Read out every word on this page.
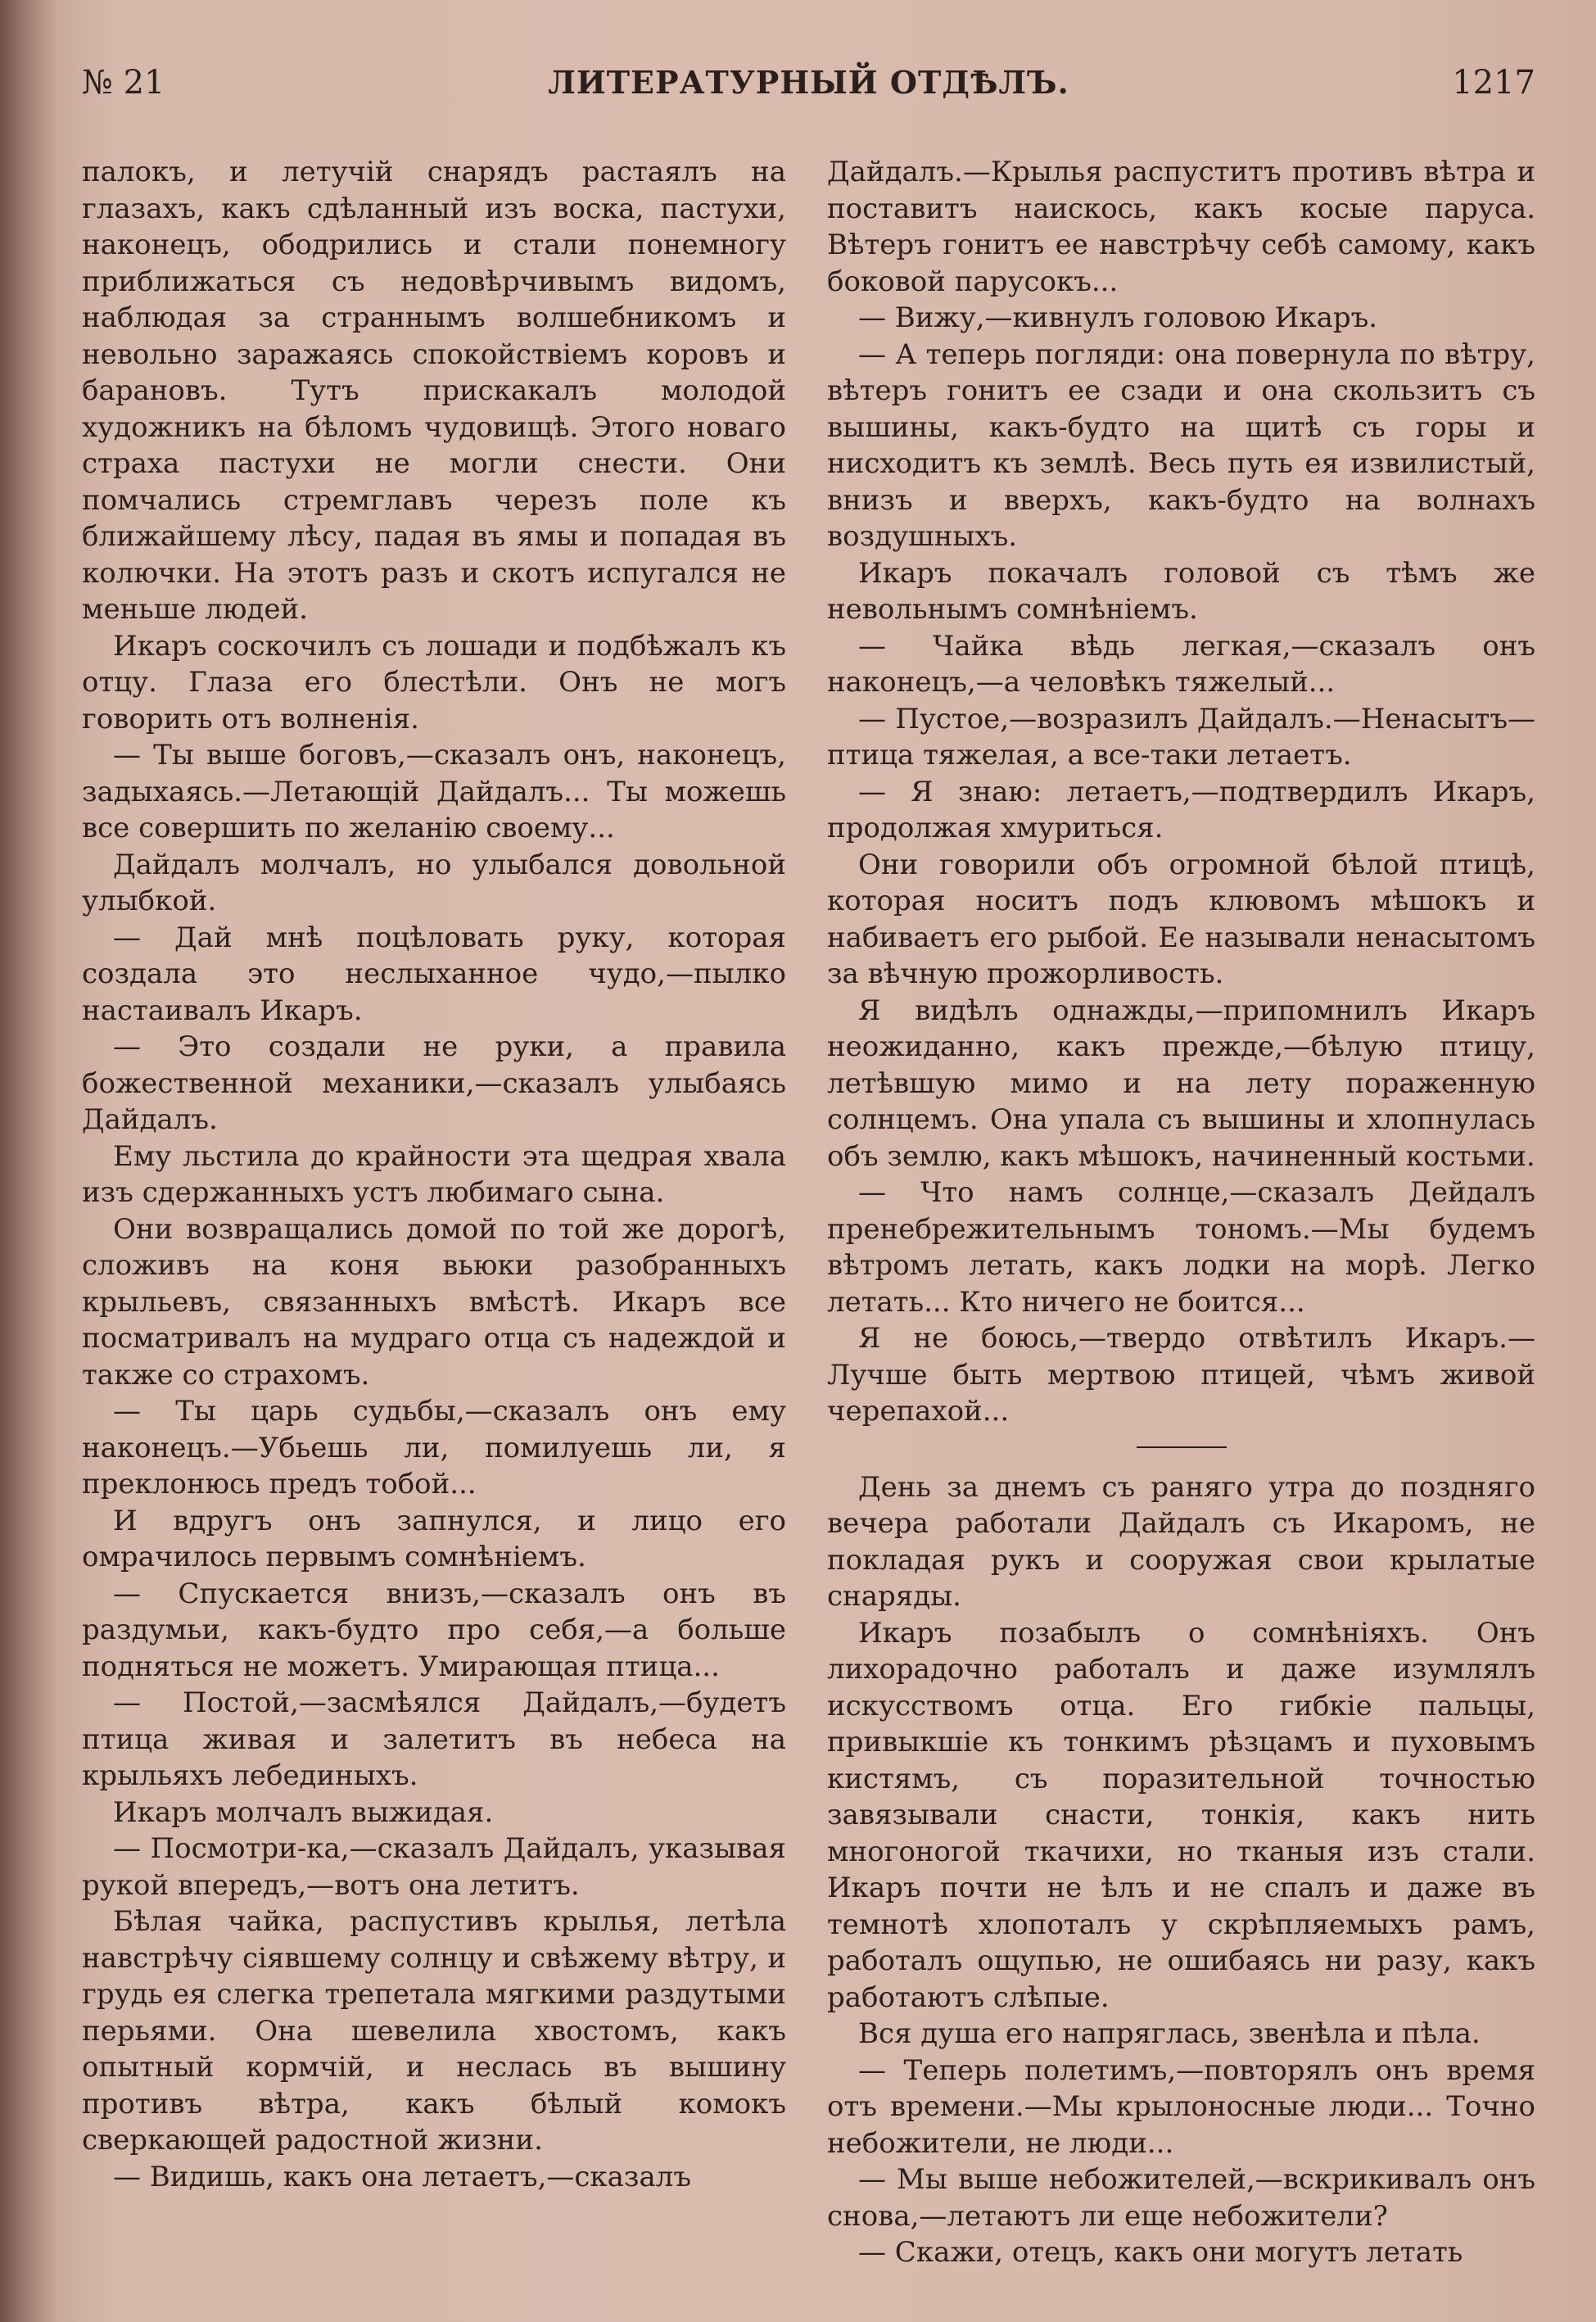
№ 21	ЛИТЕРАТУРНЫЙ ОТДѢЛЪ.	1217

палокъ, и летучій снарядъ растаялъ на глазахъ, какъ сдѣланный изъ воска, пастухи, наконецъ, ободрились и стали понемногу приближаться съ недовѣрчивымъ видомъ, наблюдая за страннымъ волшебникомъ и невольно заражаясь спокойствіемъ коровъ и барановъ. Тутъ прискакалъ молодой художникъ на бѣломъ чудовищѣ. Этого новаго страха пастухи не могли снести. Они помчались стремглавъ черезъ поле къ ближайшему лѣсу, падая въ ямы и попадая въ колючки. На этотъ разъ и скотъ испугался не меньше людей.

Икаръ соскочилъ съ лошади и подбѣжалъ къ отцу. Глаза его блестѣли. Онъ не могъ говорить отъ волненія.

— Ты выше боговъ,—сказалъ онъ, наконецъ, задыхаясь.—Летающій Дайдалъ... Ты можешь все совершить по желанію своему...

Дайдалъ молчалъ, но улыбался довольной улыбкой.

— Дай мнѣ поцѣловать руку, которая создала это неслыханное чудо,—пылко настаивалъ Икаръ.

— Это создали не руки, а правила божественной механики,—сказалъ улыбаясь Дайдалъ.

Ему льстила до крайности эта щедрая хвала изъ сдержанныхъ устъ любимаго сына.

Они возвращались домой по той же дорогѣ, сложивъ на коня вьюки разобранныхъ крыльевъ, связанныхъ вмѣстѣ. Икаръ все посматривалъ на мудраго отца съ надеждой и также со страхомъ.

— Ты царь судьбы,—сказалъ онъ ему наконецъ.—Убьешь ли, помилуешь ли, я преклонюсь предъ тобой...

И вдругъ онъ запнулся, и лицо его омрачилось первымъ сомнѣніемъ.

— Спускается внизъ,—сказалъ онъ въ раздумьи, какъ-будто про себя,—а больше подняться не можетъ. Умирающая птица...

— Постой,—засмѣялся Дайдалъ,—будетъ птица живая и залетитъ въ небеса на крыльяхъ лебединыхъ.

Икаръ молчалъ выжидая.

— Посмотри-ка,—сказалъ Дайдалъ, указывая рукой впередъ,—вотъ она летитъ.

Бѣлая чайка, распустивъ крылья, летѣла навстрѣчу сіявшему солнцу и свѣжему вѣтру, и грудь ея слегка трепетала мягкими раздутыми перьями. Она шевелила хвостомъ, какъ опытный кормчій, и неслась въ вышину противъ вѣтра, какъ бѣлый комокъ сверкающей радостной жизни.

— Видишь, какъ она летаетъ,—сказалъ

Дайдалъ.—Крылья распуститъ противъ вѣтра и поставитъ наискось, какъ косые паруса. Вѣтеръ гонитъ ее навстрѣчу себѣ самому, какъ боковой парусокъ...

— Вижу,—кивнулъ головою Икаръ.

— А теперь погляди: она повернула по вѣтру, вѣтеръ гонитъ ее сзади и она скользитъ съ вышины, какъ-будто на щитѣ съ горы и нисходитъ къ землѣ. Весь путь ея извилистый, внизъ и вверхъ, какъ-будто на волнахъ воздушныхъ.

Икаръ покачалъ головой съ тѣмъ же невольнымъ сомнѣніемъ.

— Чайка вѣдь легкая,—сказалъ онъ наконецъ,—а человѣкъ тяжелый...

— Пустое,—возразилъ Дайдалъ.—Ненасытъ—птица тяжелая, а все-таки летаетъ.

— Я знаю: летаетъ,—подтвердилъ Икаръ, продолжая хмуриться.

Они говорили объ огромной бѣлой птицѣ, которая носитъ подъ клювомъ мѣшокъ и набиваетъ его рыбой. Ее называли ненасытомъ за вѣчную прожорливость.

Я видѣлъ однажды,—припомнилъ Икаръ неожиданно, какъ прежде,—бѣлую птицу, летѣвшую мимо и на лету пораженную солнцемъ. Она упала съ вышины и хлопнулась объ землю, какъ мѣшокъ, начиненный костьми.

— Что намъ солнце,—сказалъ Дейдалъ пренебрежительнымъ тономъ.—Мы будемъ вѣтромъ летать, какъ лодки на морѣ. Легко летать... Кто ничего не боится...

Я не боюсь,—твердо отвѣтилъ Икаръ.— Лучше быть мертвою птицей, чѣмъ живой черепахой...

День за днемъ съ раняго утра до поздняго вечера работали Дайдалъ съ Икаромъ, не покладая рукъ и сооружая свои крылатые снаряды.

Икаръ позабылъ о сомнѣніяхъ. Онъ лихорадочно работалъ и даже изумлялъ искусствомъ отца. Его гибкіе пальцы, привыкшіе къ тонкимъ рѣзцамъ и пуховымъ кистямъ, съ поразительной точностью завязывали снасти, тонкія, какъ нить многоногой ткачихи, но тканыя изъ стали. Икаръ почти не ѣлъ и не спалъ и даже въ темнотѣ хлопоталъ у скрѣпляемыхъ рамъ, работалъ ощупью, не ошибаясь ни разу, какъ работаютъ слѣпые.

Вся душа его напряглась, звенѣла и пѣла.

— Теперь полетимъ,—повторялъ онъ время отъ времени.—Мы крылоносные люди... Точно небожители, не люди...

— Мы выше небожителей,—вскрикивалъ онъ снова,—летаютъ ли еще небожители?

— Скажи, отецъ, какъ они могутъ летать
